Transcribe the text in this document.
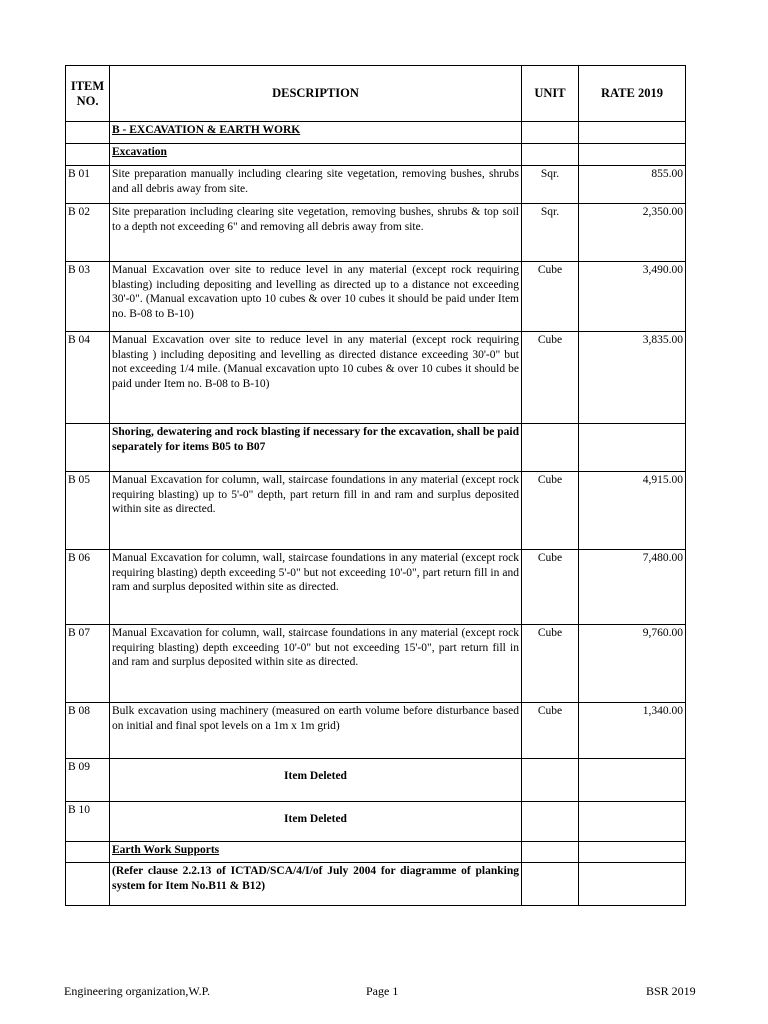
ITEM NO.	DESCRIPTION	UNIT	RATE 2019
	B - EXCAVATION & EARTH WORK		
	Excavation		
B 01	Site preparation manually including clearing site vegetation, removing bushes, shrubs and all debris away from site.	Sqr.	855.00
B 02	Site preparation including clearing site vegetation, removing bushes, shrubs & top soil to a depth not exceeding 6" and removing all debris away from site.	Sqr.	2,350.00
B 03	Manual Excavation over site to reduce level in any material (except rock requiring blasting) including depositing and levelling as directed up to a distance not exceeding 30'-0". (Manual excavation upto 10 cubes & over 10 cubes it should be paid under Item no. B-08 to B-10)	Cube	3,490.00
B 04	Manual Excavation over site to reduce level in any material (except rock requiring blasting ) including depositing and levelling as directed distance exceeding 30'-0" but not exceeding 1/4 mile. (Manual excavation upto 10 cubes & over 10 cubes it should be paid under Item no. B-08 to B-10)	Cube	3,835.00
	Shoring, dewatering and rock blasting if necessary for the excavation, shall be paid separately for items B05 to B07		
B 05	Manual Excavation for column, wall, staircase foundations in any material (except rock requiring blasting) up to 5'-0" depth, part return fill in and ram and surplus deposited within site as directed.	Cube	4,915.00
B 06	Manual Excavation for column, wall, staircase foundations in any material (except rock requiring blasting) depth exceeding 5'-0" but not exceeding 10'-0", part return fill in and ram and surplus deposited within site as directed.	Cube	7,480.00
B 07	Manual Excavation for column, wall, staircase foundations in any material (except rock requiring blasting) depth exceeding 10'-0" but not exceeding 15'-0", part return fill in and ram and surplus deposited within site as directed.	Cube	9,760.00
B 08	Bulk excavation using machinery (measured on earth volume before disturbance based on initial and final spot levels on a 1m x 1m grid)	Cube	1,340.00
B 09	Item Deleted		

B 10	Item Deleted		

	Earth Work Supports		
	(Refer clause 2.2.13 of ICTAD/SCA/4/I/of July 2004 for diagramme of planking system for Item No.B11 & B12)		
Engineering organization,W.P.	Page 1	BSR 2019
